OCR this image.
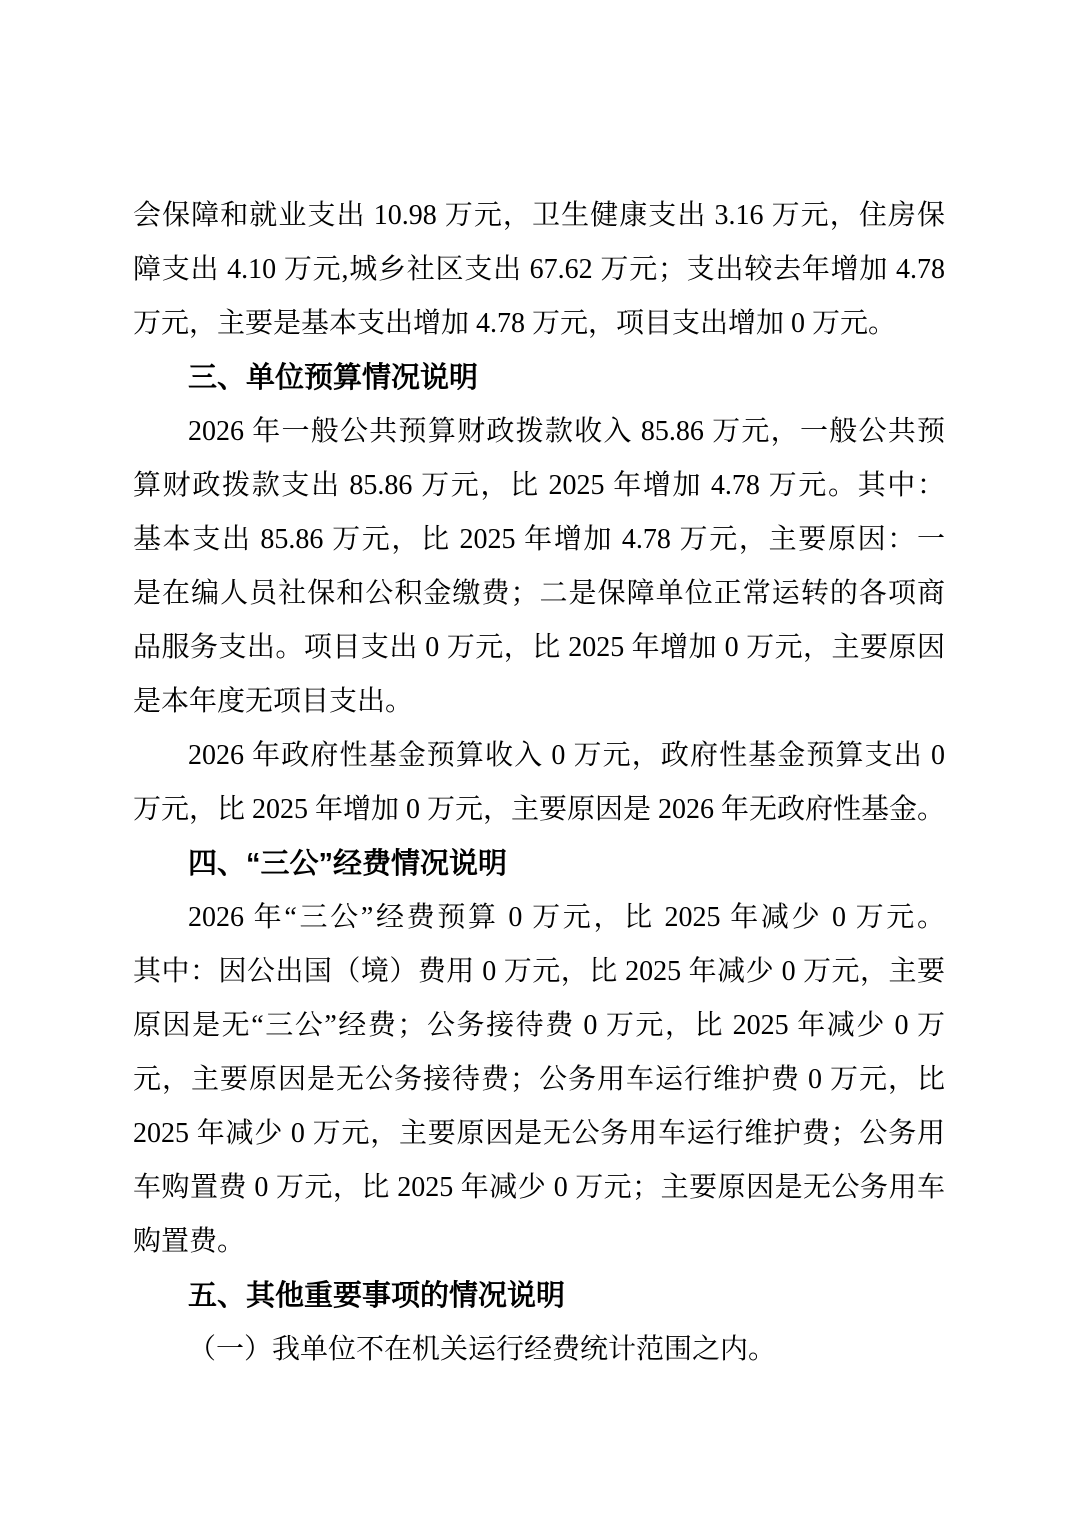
会保障和就业支出 10.98 万元，卫生健康支出 3.16 万元，住房保
障支出 4.10 万元,城乡社区支出 67.62 万元；支出较去年增加 4.78
万元，主要是基本支出增加 4.78 万元，项目支出增加 0 万元。
三、单位预算情况说明
2026 年一般公共预算财政拨款收入 85.86 万元，一般公共预
算财政拨款支出 85.86 万元，比 2025 年增加 4.78 万元。其中：
基本支出 85.86 万元，比 2025 年增加 4.78 万元，主要原因：一
是在编人员社保和公积金缴费；二是保障单位正常运转的各项商
品服务支出。项目支出 0 万元，比 2025 年增加 0 万元，主要原因
是本年度无项目支出。
2026 年政府性基金预算收入 0 万元，政府性基金预算支出 0
万元，比 2025 年增加 0 万元，主要原因是 2026 年无政府性基金。
四、“三公”经费情况说明
2026 年“三公”经费预算 0 万元，比 2025 年减少 0 万元。
其中：因公出国（境）费用 0 万元，比 2025 年减少 0 万元，主要
原因是无“三公”经费；公务接待费 0 万元，比 2025 年减少 0 万
元，主要原因是无公务接待费；公务用车运行维护费 0 万元，比
2025 年减少 0 万元，主要原因是无公务用车运行维护费；公务用
车购置费 0 万元，比 2025 年减少 0 万元；主要原因是无公务用车
购置费。
五、其他重要事项的情况说明
（一）我单位不在机关运行经费统计范围之内。
